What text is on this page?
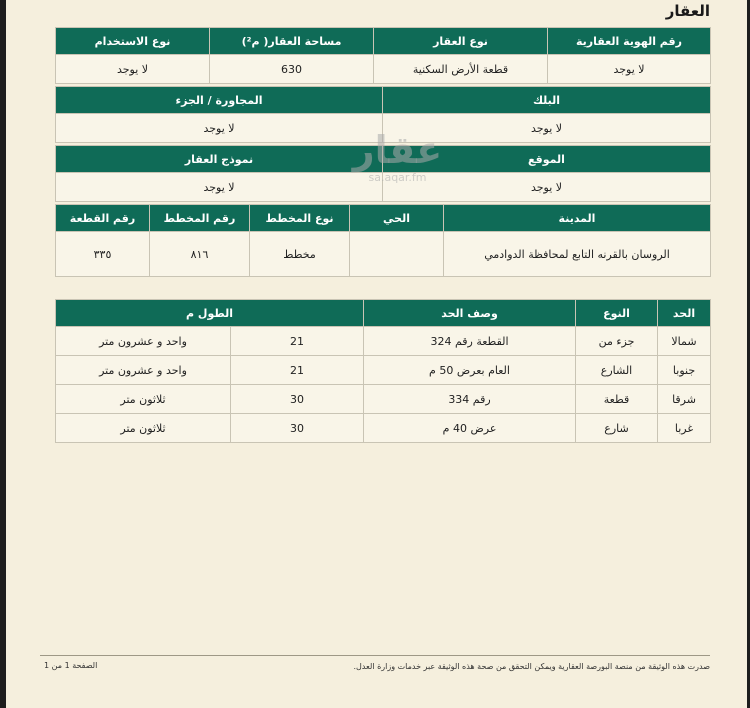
العقار
رقم الهوية العقارية	نوع العقار	مساحة العقار( م²)	نوع الاستخدام
لا يوجد	قطعة الأرض السكنية	630	لا يوجد
البلك	المجاورة / الجزء
لا يوجد	لا يوجد
الموقع	نموذج العقار
لا يوجد	لا يوجد
المدينة	الحي	نوع المخطط	رقم المخطط	رقم القطعة
الروسان بالقرنه التابع لمحافظة الدوادمي		مخطط	٨١٦	٣٣٥
الحد	النوع	وصف الحد	الطول م	
شمالا	جزء من	القطعة رقم 324	21	واحد و عشرون متر
جنوبا	الشارع	العام بعرض 50 م	21	واحد و عشرون متر
شرقا	قطعة	رقم 334	30	ثلاثون متر
غربا	شارع	عرض 40 م	30	ثلاثون متر
عقار
sa.aqar.fm
صدرت هذه الوثيقة من منصة البورصة العقارية ويمكن التحقق من صحة هذه الوثيقة عبر خدمات وزارة العدل.
الصفحة 1 من 1
